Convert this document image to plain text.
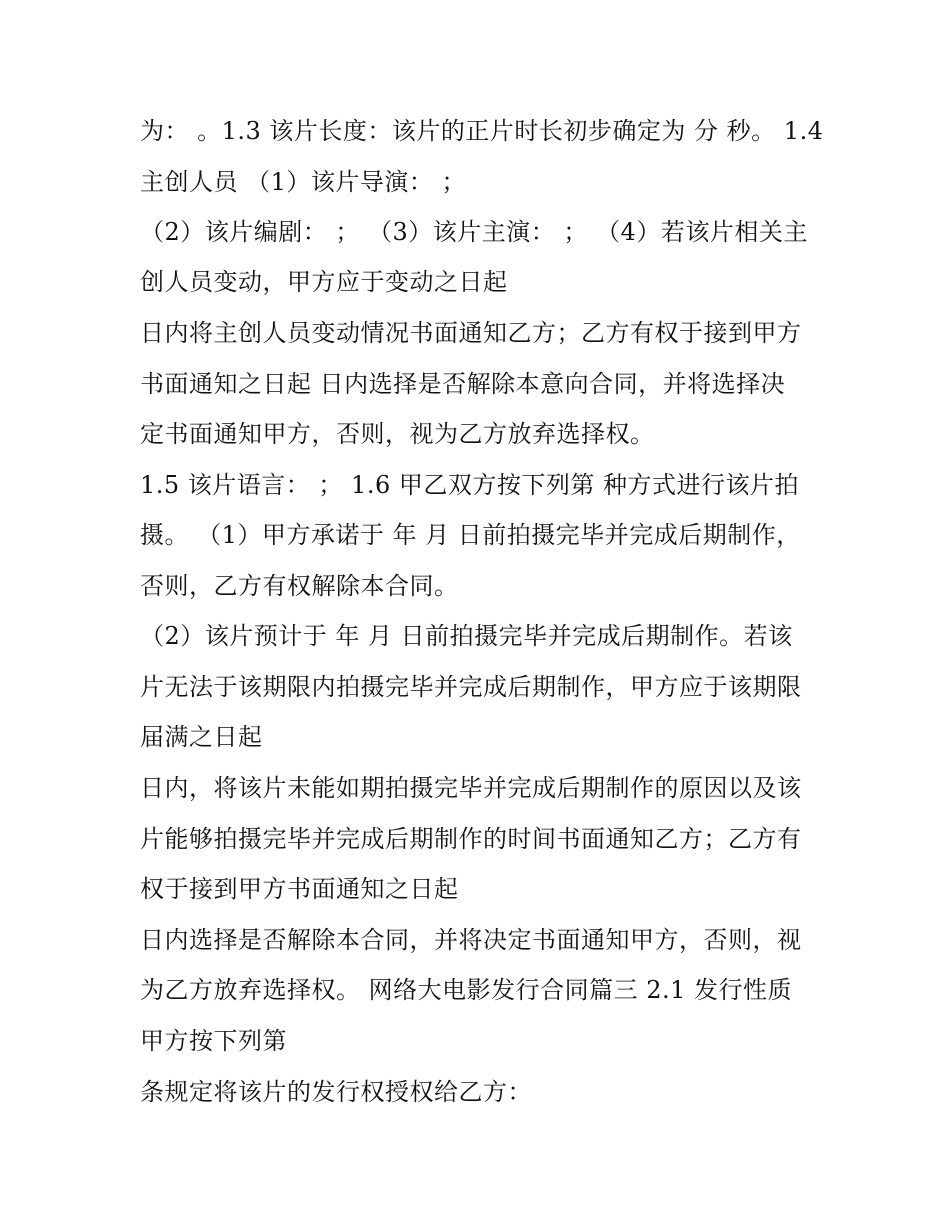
为： 。1.3 该片长度：该片的正片时长初步确定为 分 秒。 1.4
主创人员 （1）该片导演： ；
（2）该片编剧： ； （3）该片主演： ； （4）若该片相关主
创人员变动，甲方应于变动之日起
日内将主创人员变动情况书面通知乙方；乙方有权于接到甲方
书面通知之日起 日内选择是否解除本意向合同，并将选择决
定书面通知甲方，否则，视为乙方放弃选择权。
1.5 该片语言： ； 1.6 甲乙双方按下列第 种方式进行该片拍
摄。 （1）甲方承诺于 年 月 日前拍摄完毕并完成后期制作，
否则，乙方有权解除本合同。
（2）该片预计于 年 月 日前拍摄完毕并完成后期制作。若该
片无法于该期限内拍摄完毕并完成后期制作，甲方应于该期限
届满之日起
日内，将该片未能如期拍摄完毕并完成后期制作的原因以及该
片能够拍摄完毕并完成后期制作的时间书面通知乙方；乙方有
权于接到甲方书面通知之日起
日内选择是否解除本合同，并将决定书面通知甲方，否则，视
为乙方放弃选择权。 网络大电影发行合同篇三 2.1 发行性质
甲方按下列第
条规定将该片的发行权授权给乙方：
